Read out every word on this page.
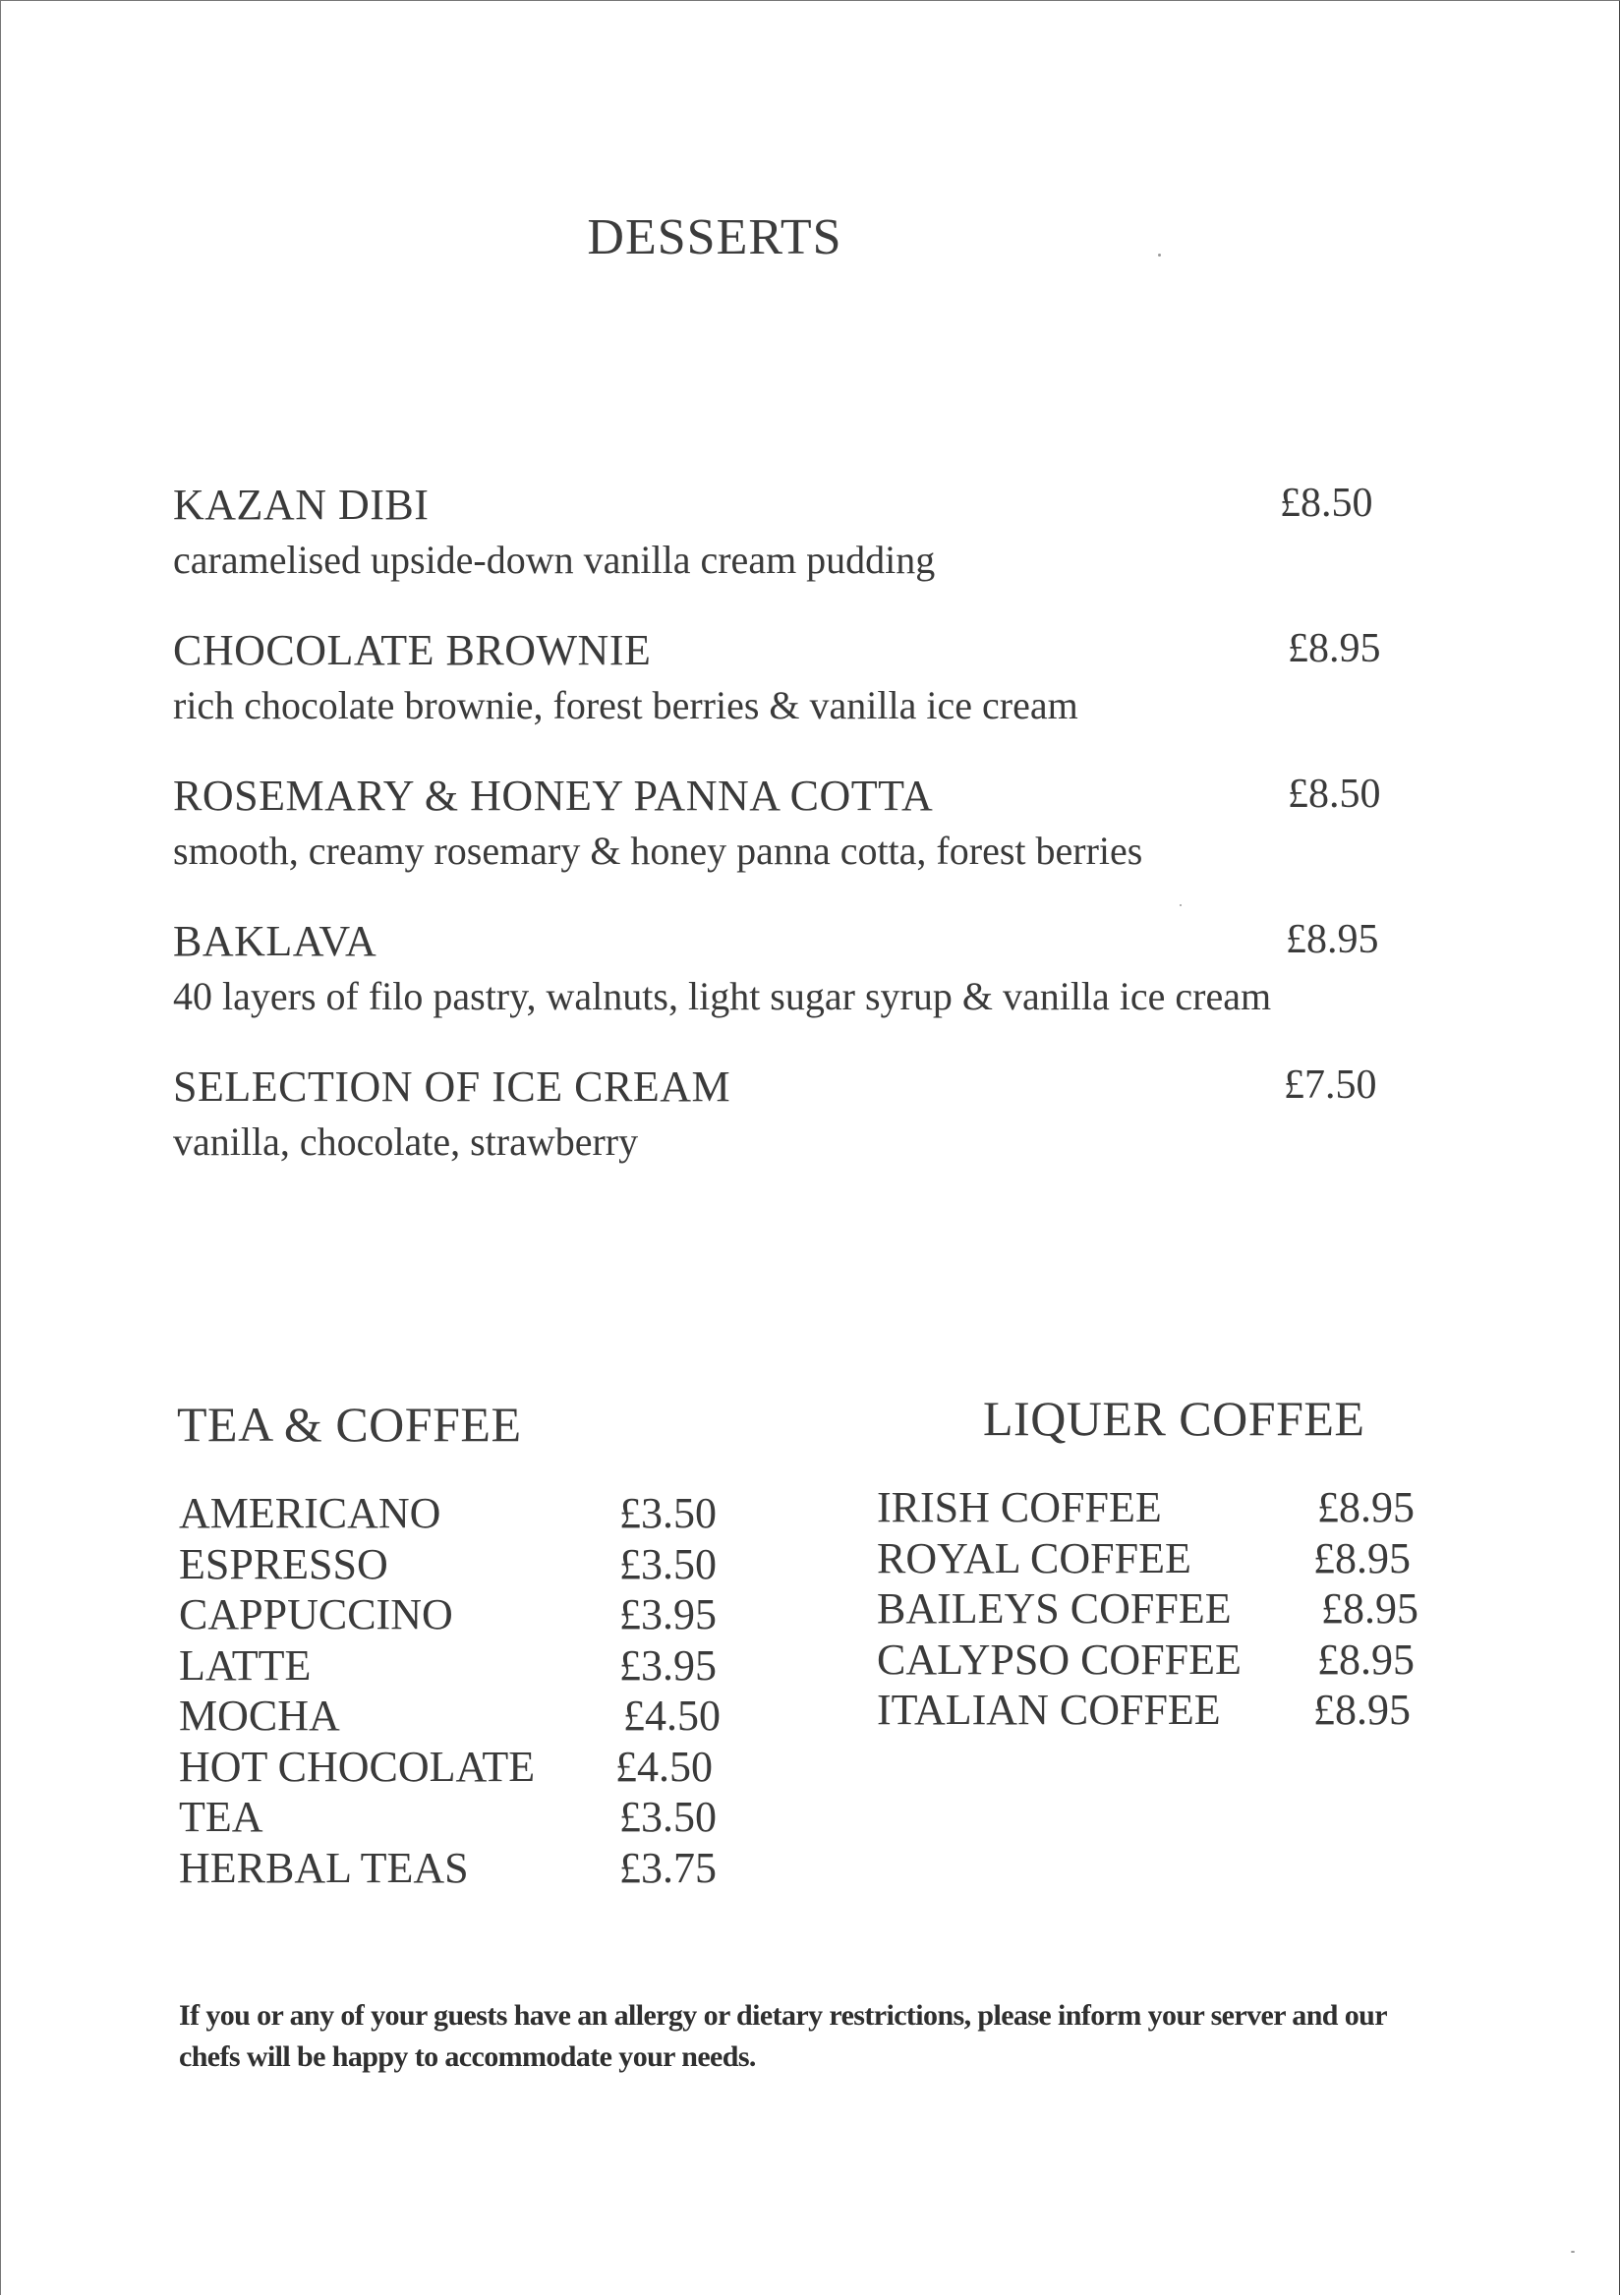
DESSERTS
KAZAN DIBI	£8.50
caramelised upside-down vanilla cream pudding
CHOCOLATE BROWNIE	£8.95
rich chocolate brownie, forest berries & vanilla ice cream
ROSEMARY & HONEY PANNA COTTA	£8.50
smooth, creamy rosemary & honey panna cotta, forest berries
BAKLAVA	£8.95
40 layers of filo pastry, walnuts, light sugar syrup & vanilla ice cream
SELECTION OF ICE CREAM	£7.50
vanilla, chocolate, strawberry
TEA & COFFEE
AMERICANO	£3.50
ESPRESSO	£3.50
CAPPUCCINO	£3.95
LATTE	£3.95
MOCHA	£4.50
HOT CHOCOLATE £4.50
TEA	£3.50
HERBAL TEAS	£3.75
LIQUER COFFEE
IRISH COFFEE	£8.95
ROYAL COFFEE	£8.95
BAILEYS COFFEE £8.95
CALYPSO COFFEE £8.95
ITALIAN COFFEE £8.95
If you or any of your guests have an allergy or dietary restrictions, please inform your server and our chefs will be happy to accommodate your needs.
